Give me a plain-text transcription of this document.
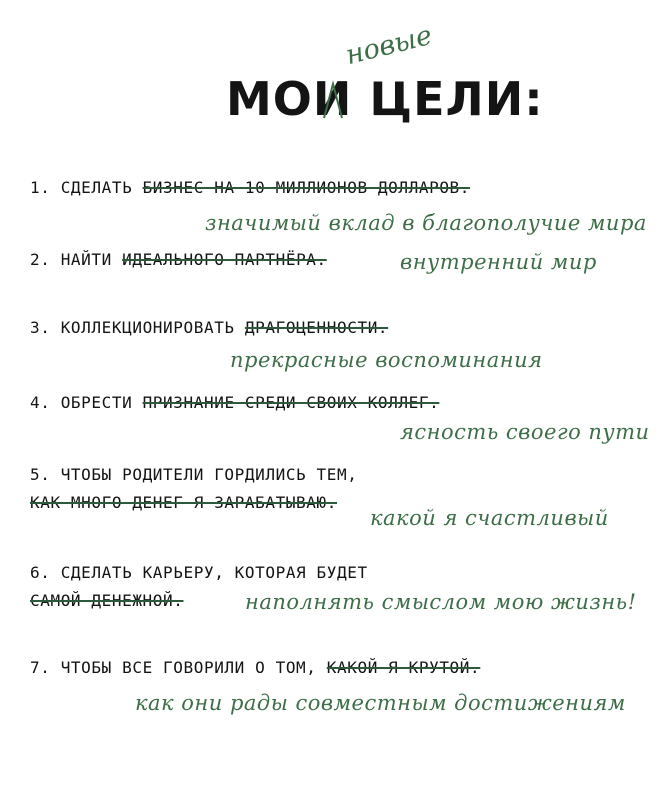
МОИ ЦЕЛИ:
новые
1. СДЕЛАТЬ БИЗНЕС НА 10 МИЛЛИОНОВ ДОЛЛАРОВ.
значимый вклад в благополучие мира
2. НАЙТИ ИДЕАЛЬНОГО ПАРТНЁРА.	внутренний мир
3. КОЛЛЕКЦИОНИРОВАТЬ ДРАГОЦЕННОСТИ.
прекрасные воспоминания
4. ОБРЕСТИ ПРИЗНАНИЕ СРЕДИ СВОИХ КОЛЛЕГ.
ясность своего пути
5. ЧТОБЫ РОДИТЕЛИ ГОРДИЛИСЬ ТЕМ,
КАК МНОГО ДЕНЕГ Я ЗАРАБАТЫВАЮ.
какой я счастливый
6. СДЕЛАТЬ КАРЬЕРУ, КОТОРАЯ БУДЕТ
САМОЙ ДЕНЕЖНОЙ.	наполнять смыслом мою жизнь!
7. ЧТОБЫ ВСЕ ГОВОРИЛИ О ТОМ, КАКОЙ Я КРУТОЙ.
как они рады совместным достижениям
